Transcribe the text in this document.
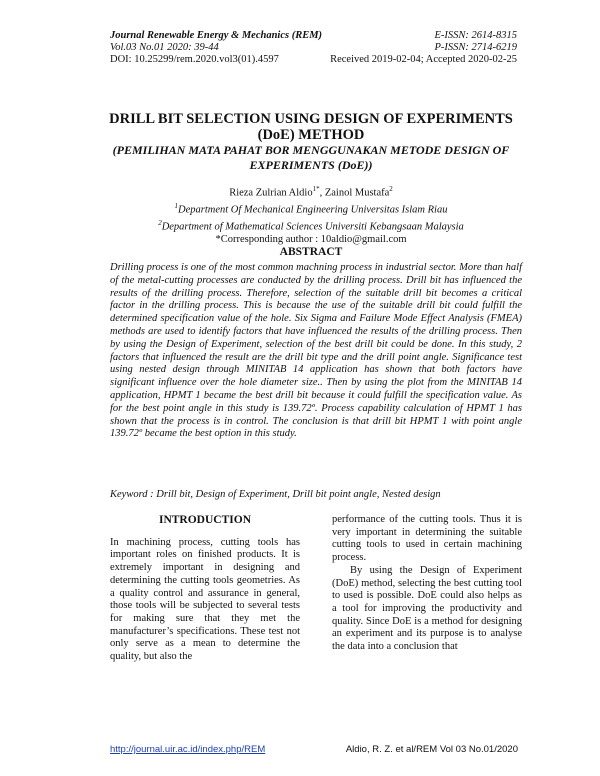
Journal Renewable Energy & Mechanics (REM)
Vol.03 No.01 2020: 39-44
DOI: 10.25299/rem.2020.vol3(01).4597
E-ISSN: 2614-8315
P-ISSN: 2714-6219
Received 2019-02-04; Accepted 2020-02-25
DRILL BIT SELECTION USING DESIGN OF EXPERIMENTS
(DoE) METHOD
(PEMILIHAN MATA PAHAT BOR MENGGUNAKAN METODE DESIGN OF
EXPERIMENTS (DoE))
Rieza Zulrian Aldio$^{1*}$, Zainol Mustafa$^2$
$^1$Department Of Mechanical Engineering Universitas Islam Riau
$^2$Department of Mathematical Sciences Universiti Kebangsaan Malaysia
*Corresponding author : 10aldio@gmail.com
ABSTRACT

Drilling process is one of the most common machning process in industrial sector. More than half of the metal-cutting processes are conducted by the drilling process. Drill bit has influenced the results of the drilling process. Therefore, selection of the suitable drill bit becomes a critical factor in the drilling process. This is because the use of the suitable drill bit could fulfill the determined specification value of the hole. Six Sigma and Failure Mode Effect Analysis (FMEA) methods are used to identify factors that have influenced the results of the drilling process. Then by using the Design of Experiment, selection of the best drill bit could be done. In this study, 2 factors that influenced the result are the drill bit type and the drill point angle. Significance test using nested design through MINITAB 14 application has shown that both factors have significant influence over the hole diameter size.. Then by using the plot from the MINITAB 14 application, HPMT 1 became the best drill bit because it could fulfill the specification value. As for the best point angle in this study is 139.72º. Process capability calculation of HPMT 1 has shown that the process is in control. The conclusion is that drill bit HPMT 1 with point angle 139.72º became the best option in this study.

Keyword : Drill bit, Design of Experiment, Drill bit point angle, Nested design
INTRODUCTION

In machining process, cutting tools has important roles on finished products. It is extremely important in designing and determining the cutting tools geometries. As a quality control and assurance in general, those tools will be subjected to several tests for making sure that they met the manufacturer’s specifications. These test not only serve as a mean to determine the quality, but also the

performance of the cutting tools. Thus it is very important in determining the suitable cutting tools to used in certain machining process.

By using the Design of Experiment (DoE) method, selecting the best cutting tool to used is possible. DoE could also helps as a tool for improving the productivity and quality. Since DoE is a method for designing an experiment and its purpose is to analyse the data into a conclusion that

http://journal.uir.ac.id/index.php/REM	Aldio, R. Z. et al/REM Vol 03 No.01/2020
